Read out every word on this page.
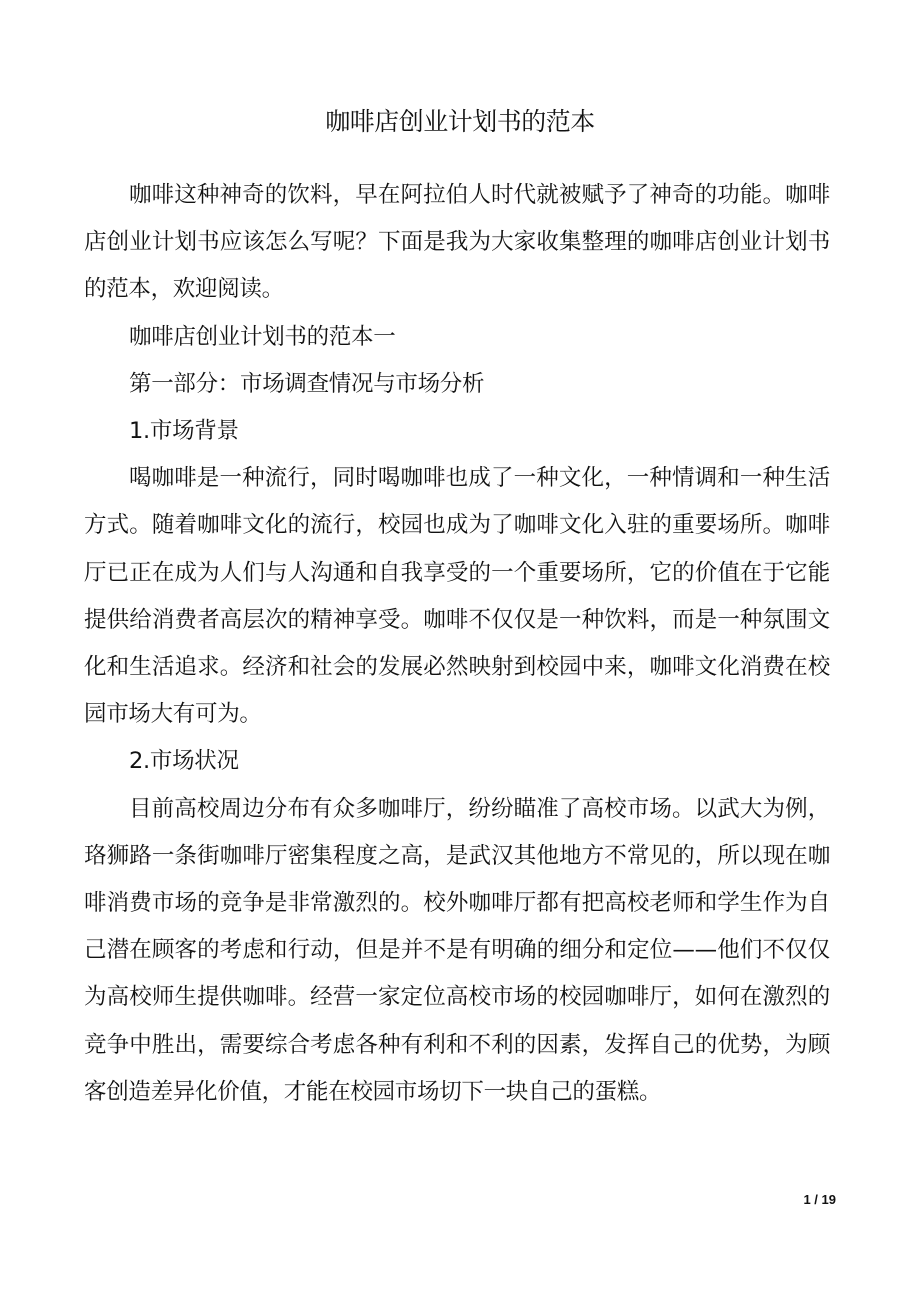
咖啡店创业计划书的范本

咖啡这种神奇的饮料，早在阿拉伯人时代就被赋予了神奇的功能。咖啡店创业计划书应该怎么写呢？下面是我为大家收集整理的咖啡店创业计划书的范本，欢迎阅读。

咖啡店创业计划书的范本一

第一部分：市场调查情况与市场分析

1.市场背景

喝咖啡是一种流行，同时喝咖啡也成了一种文化，一种情调和一种生活方式。随着咖啡文化的流行，校园也成为了咖啡文化入驻的重要场所。咖啡厅已正在成为人们与人沟通和自我享受的一个重要场所，它的价值在于它能提供给消费者高层次的精神享受。咖啡不仅仅是一种饮料，而是一种氛围文化和生活追求。经济和社会的发展必然映射到校园中来，咖啡文化消费在校园市场大有可为。

2.市场状况

目前高校周边分布有众多咖啡厅，纷纷瞄准了高校市场。以武大为例，珞狮路一条街咖啡厅密集程度之高，是武汉其他地方不常见的，所以现在咖啡消费市场的竞争是非常激烈的。校外咖啡厅都有把高校老师和学生作为自己潜在顾客的考虑和行动，但是并不是有明确的细分和定位——他们不仅仅为高校师生提供咖啡。经营一家定位高校市场的校园咖啡厅，如何在激烈的竞争中胜出，需要综合考虑各种有利和不利的因素，发挥自己的优势，为顾客创造差异化价值，才能在校园市场切下一块自己的蛋糕。

1 / 19
